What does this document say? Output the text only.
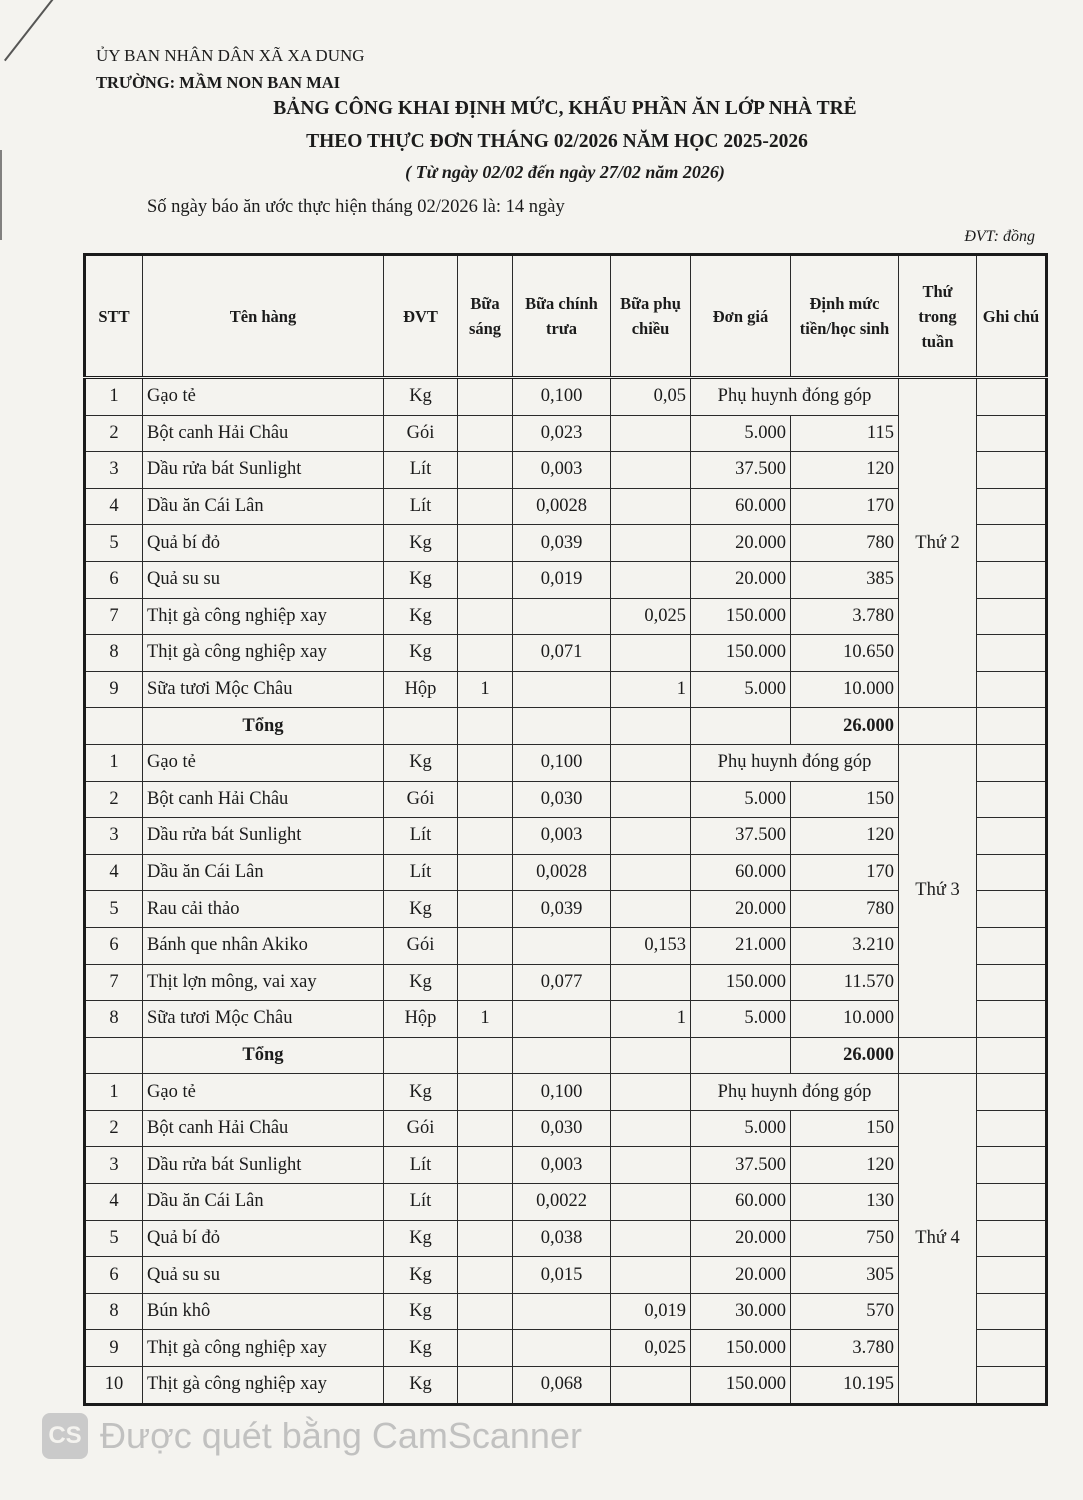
ỦY BAN NHÂN DÂN XÃ XA DUNG
TRƯỜNG: MẦM NON BAN MAI
BẢNG CÔNG KHAI ĐỊNH MỨC, KHẨU PHẦN ĂN LỚP NHÀ TRẺ
THEO THỰC ĐƠN THÁNG 02/2026 NĂM HỌC 2025-2026
( Từ ngày 02/02 đến ngày 27/02 năm 2026)
Số ngày báo ăn ước thực hiện tháng 02/2026 là: 14 ngày
ĐVT: đồng
STT	Tên hàng	ĐVT	Bữa sáng	Bữa chính trưa	Bữa phụ chiều	Đơn giá	Định mức tiền/học sinh	Thứ trong tuần	Ghi chú
1	Gạo tẻ	Kg		0,100	0,05	Phụ huynh đóng góp		Thứ 2	
2	Bột canh Hải Châu	Gói		0,023		5.000	115		
3	Dầu rửa bát Sunlight	Lít		0,003		37.500	120		
4	Dầu ăn Cái Lân	Lít		0,0028		60.000	170		
5	Quả bí đỏ	Kg		0,039		20.000	780		
6	Quả su su	Kg		0,019		20.000	385		
7	Thịt gà công nghiệp xay	Kg			0,025	150.000	3.780		
8	Thịt gà công nghiệp xay	Kg		0,071		150.000	10.650		
9	Sữa tươi Mộc Châu	Hộp	1		1	5.000	10.000		
	Tổng						26.000		
1	Gạo tẻ	Kg		0,100		Phụ huynh đóng góp		Thứ 3	
2	Bột canh Hải Châu	Gói		0,030		5.000	150		
3	Dầu rửa bát Sunlight	Lít		0,003		37.500	120		
4	Dầu ăn Cái Lân	Lít		0,0028		60.000	170		
5	Rau cải thảo	Kg		0,039		20.000	780		
6	Bánh que nhân Akiko	Gói			0,153	21.000	3.210		
7	Thịt lợn mông, vai xay	Kg		0,077		150.000	11.570		
8	Sữa tươi Mộc Châu	Hộp	1		1	5.000	10.000		
	Tổng						26.000		
1	Gạo tẻ	Kg		0,100		Phụ huynh đóng góp		Thứ 4	
2	Bột canh Hải Châu	Gói		0,030		5.000	150		
3	Dầu rửa bát Sunlight	Lít		0,003		37.500	120		
4	Dầu ăn Cái Lân	Lít		0,0022		60.000	130		
5	Quả bí đỏ	Kg		0,038		20.000	750		
6	Quả su su	Kg		0,015		20.000	305		
8	Bún khô	Kg			0,019	30.000	570		
9	Thịt gà công nghiệp xay	Kg			0,025	150.000	3.780		
10	Thịt gà công nghiệp xay	Kg		0,068		150.000	10.195		
CS Được quét bằng CamScanner
